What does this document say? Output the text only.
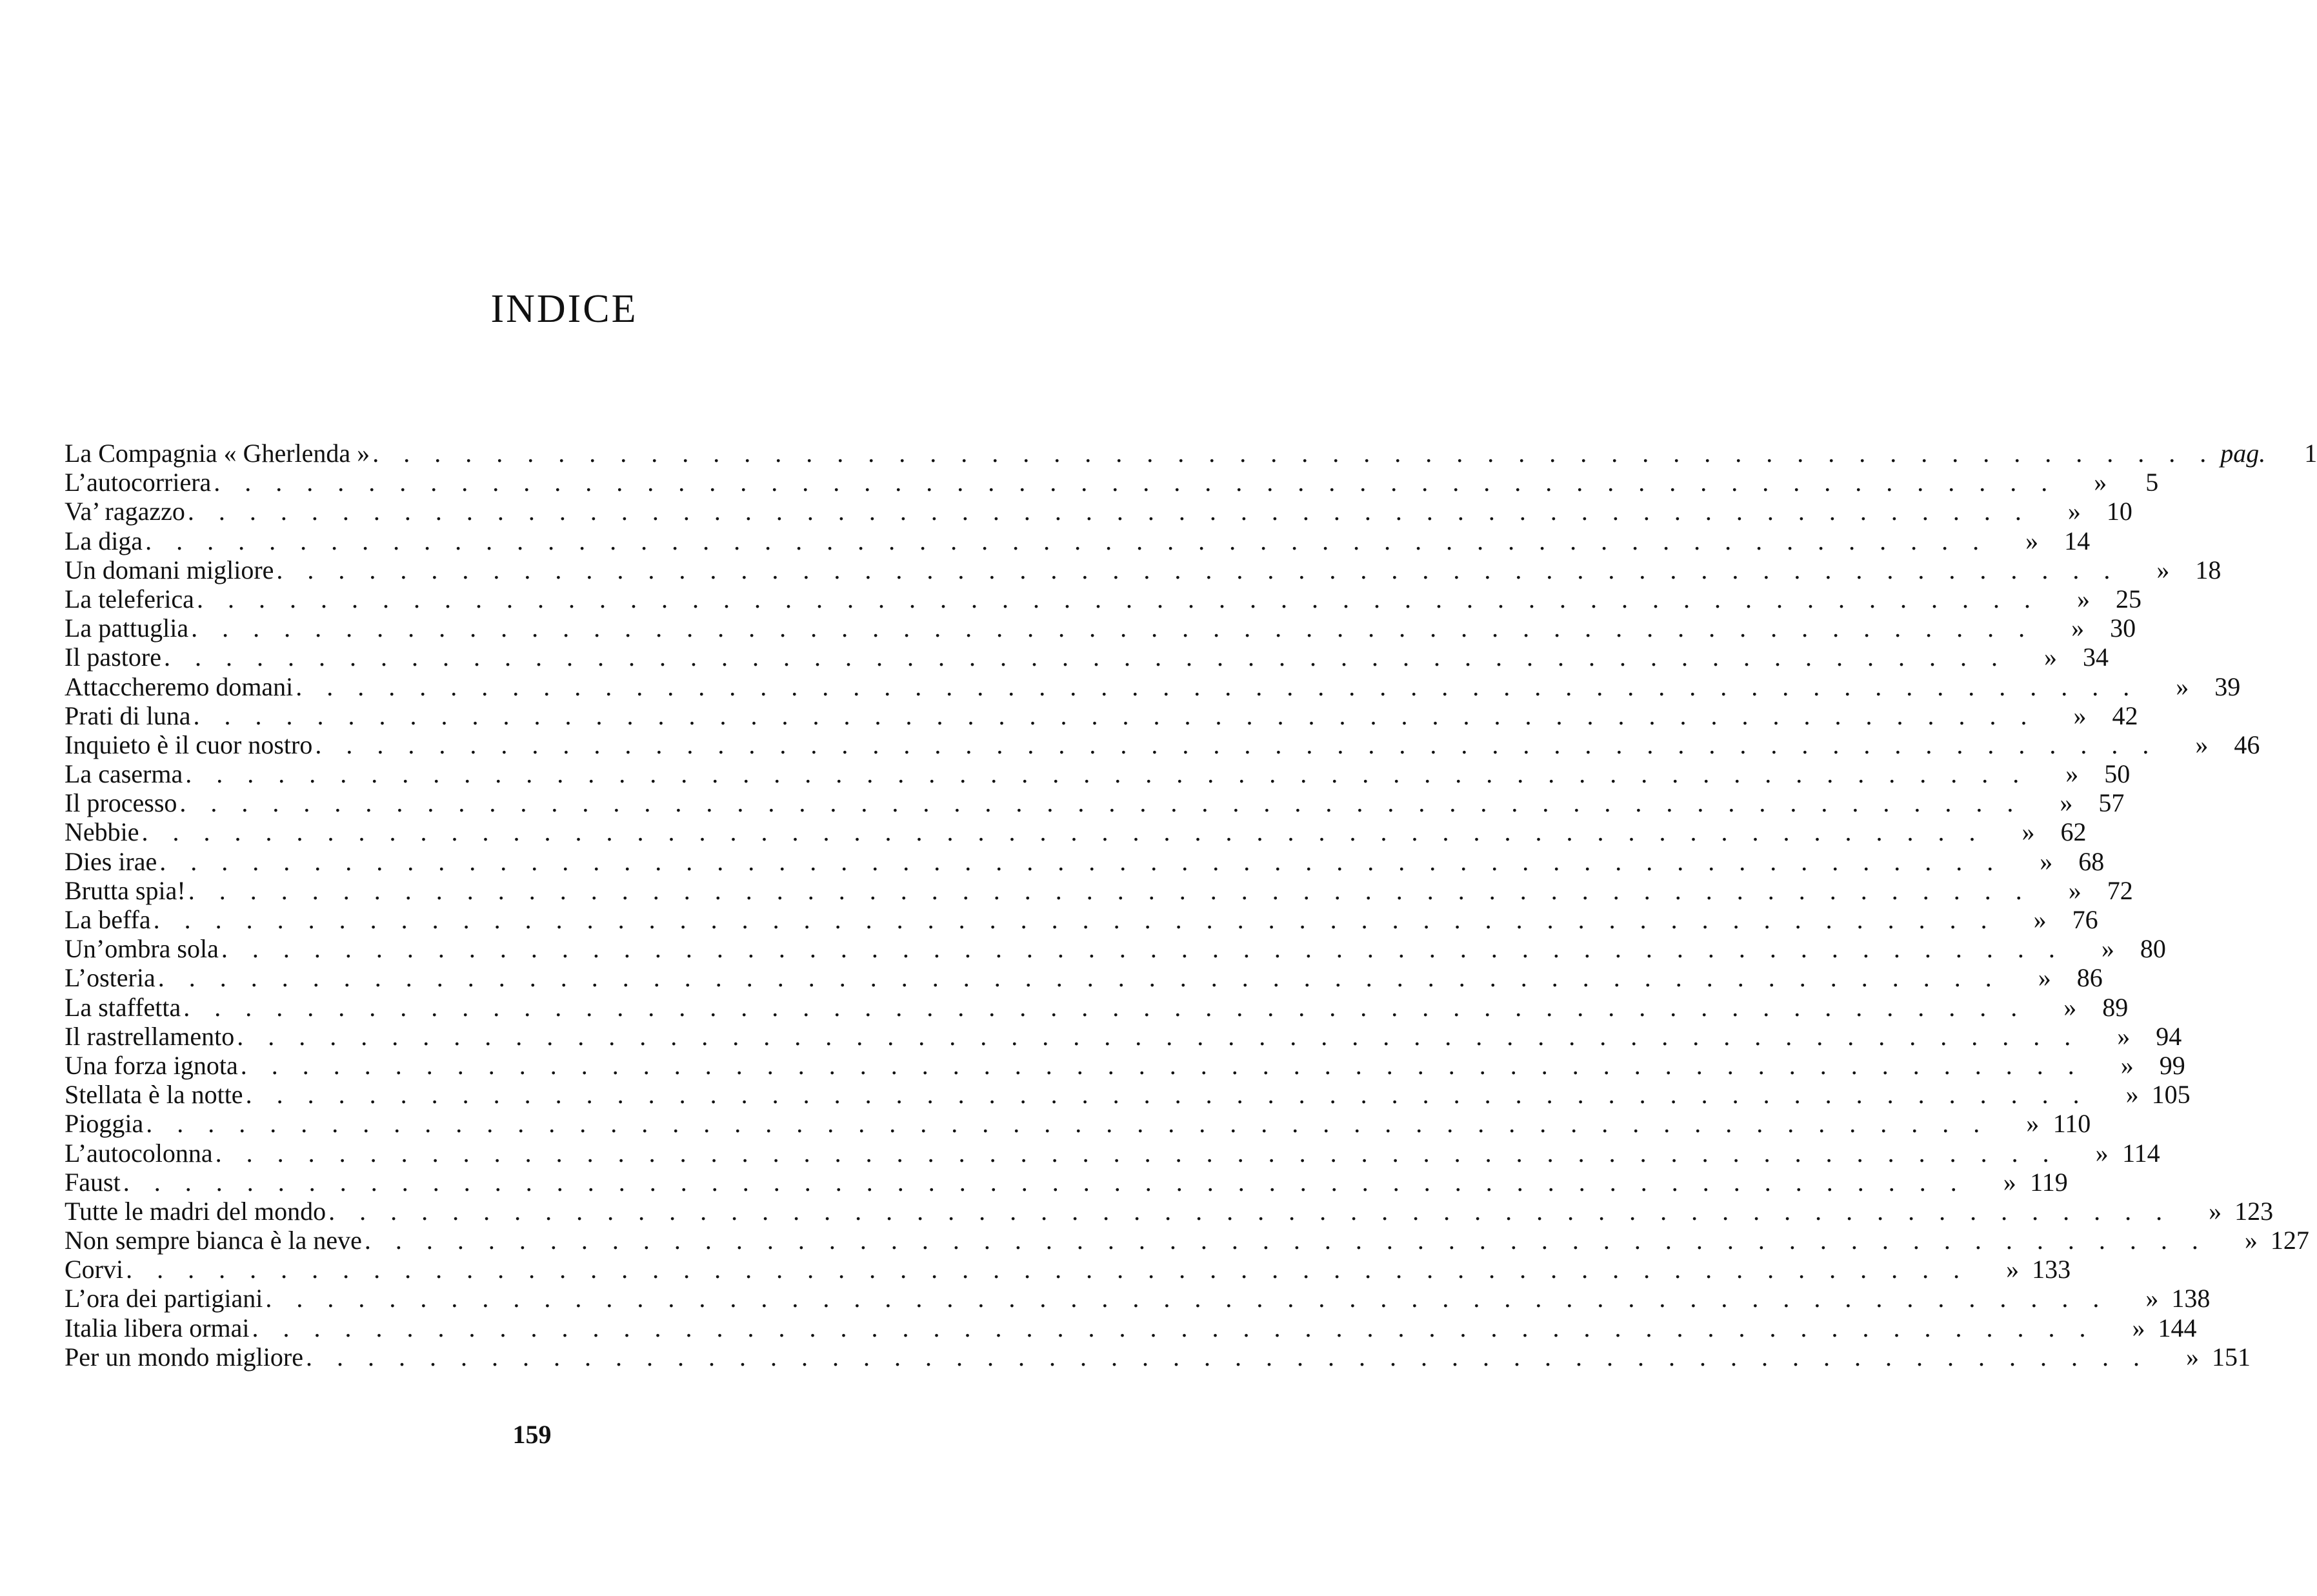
INDICE
La Compagnia « Gherlenda » . . . . . . . . . . . . . . . . . . . . . . . . . . . . . . . . . . . . . . . . . . . . . . . . . . . . . . . . . . . . pag.	1
L’autocorriera . . . . . . . . . . . . . . . . . . . . . . . . . . . . . . . . . . . . . . . . . . . . . . . . . . . . . . . . . . . .	»	5
Va’ ragazzo . . . . . . . . . . . . . . . . . . . . . . . . . . . . . . . . . . . . . . . . . . . . . . . . . . . . . . . . . . . .	»	10
La diga . . . . . . . . . . . . . . . . . . . . . . . . . . . . . . . . . . . . . . . . . . . . . . . . . . . . . . . . . . . .	»	14
Un domani migliore . . . . . . . . . . . . . . . . . . . . . . . . . . . . . . . . . . . . . . . . . . . . . . . . . . . . . . . . . . . .	»	18
La teleferica . . . . . . . . . . . . . . . . . . . . . . . . . . . . . . . . . . . . . . . . . . . . . . . . . . . . . . . . . . . .	»	25
La pattuglia . . . . . . . . . . . . . . . . . . . . . . . . . . . . . . . . . . . . . . . . . . . . . . . . . . . . . . . . . . . .	»	30
Il pastore . . . . . . . . . . . . . . . . . . . . . . . . . . . . . . . . . . . . . . . . . . . . . . . . . . . . . . . . . . . .	»	34
Attaccheremo domani . . . . . . . . . . . . . . . . . . . . . . . . . . . . . . . . . . . . . . . . . . . . . . . . . . . . . . . . . . . .	»	39
Prati di luna . . . . . . . . . . . . . . . . . . . . . . . . . . . . . . . . . . . . . . . . . . . . . . . . . . . . . . . . . . . .	»	42
Inquieto è il cuor nostro . . . . . . . . . . . . . . . . . . . . . . . . . . . . . . . . . . . . . . . . . . . . . . . . . . . . . . . . . . . .	»	46
La caserma . . . . . . . . . . . . . . . . . . . . . . . . . . . . . . . . . . . . . . . . . . . . . . . . . . . . . . . . . . . .	»	50
Il processo . . . . . . . . . . . . . . . . . . . . . . . . . . . . . . . . . . . . . . . . . . . . . . . . . . . . . . . . . . . .	»	57
Nebbie . . . . . . . . . . . . . . . . . . . . . . . . . . . . . . . . . . . . . . . . . . . . . . . . . . . . . . . . . . . .	»	62
Dies irae . . . . . . . . . . . . . . . . . . . . . . . . . . . . . . . . . . . . . . . . . . . . . . . . . . . . . . . . . . . .	»	68
Brutta spia! . . . . . . . . . . . . . . . . . . . . . . . . . . . . . . . . . . . . . . . . . . . . . . . . . . . . . . . . . . . .	»	72
La beffa . . . . . . . . . . . . . . . . . . . . . . . . . . . . . . . . . . . . . . . . . . . . . . . . . . . . . . . . . . . .	»	76
Un’ombra sola . . . . . . . . . . . . . . . . . . . . . . . . . . . . . . . . . . . . . . . . . . . . . . . . . . . . . . . . . . . .	»	80
L’osteria . . . . . . . . . . . . . . . . . . . . . . . . . . . . . . . . . . . . . . . . . . . . . . . . . . . . . . . . . . . .	»	86
La staffetta . . . . . . . . . . . . . . . . . . . . . . . . . . . . . . . . . . . . . . . . . . . . . . . . . . . . . . . . . . . .	»	89
Il rastrellamento . . . . . . . . . . . . . . . . . . . . . . . . . . . . . . . . . . . . . . . . . . . . . . . . . . . . . . . . . . . .	»	94
Una forza ignota . . . . . . . . . . . . . . . . . . . . . . . . . . . . . . . . . . . . . . . . . . . . . . . . . . . . . . . . . . . .	»	99
Stellata è la notte . . . . . . . . . . . . . . . . . . . . . . . . . . . . . . . . . . . . . . . . . . . . . . . . . . . . . . . . . . . .	» 105
Pioggia . . . . . . . . . . . . . . . . . . . . . . . . . . . . . . . . . . . . . . . . . . . . . . . . . . . . . . . . . . . .	» 110
L’autocolonna . . . . . . . . . . . . . . . . . . . . . . . . . . . . . . . . . . . . . . . . . . . . . . . . . . . . . . . . . . . .	» 114
Faust . . . . . . . . . . . . . . . . . . . . . . . . . . . . . . . . . . . . . . . . . . . . . . . . . . . . . . . . . . . .	» 119
Tutte le madri del mondo . . . . . . . . . . . . . . . . . . . . . . . . . . . . . . . . . . . . . . . . . . . . . . . . . . . . . . . . . . . .	» 123
Non sempre bianca è la neve . . . . . . . . . . . . . . . . . . . . . . . . . . . . . . . . . . . . . . . . . . . . . . . . . . . . . . . . . . . .	» 127
Corvi . . . . . . . . . . . . . . . . . . . . . . . . . . . . . . . . . . . . . . . . . . . . . . . . . . . . . . . . . . . .	» 133
L’ora dei partigiani . . . . . . . . . . . . . . . . . . . . . . . . . . . . . . . . . . . . . . . . . . . . . . . . . . . . . . . . . . . .	» 138
Italia libera ormai . . . . . . . . . . . . . . . . . . . . . . . . . . . . . . . . . . . . . . . . . . . . . . . . . . . . . . . . . . . .	» 144
Per un mondo migliore . . . . . . . . . . . . . . . . . . . . . . . . . . . . . . . . . . . . . . . . . . . . . . . . . . . . . . . . . . . .	» 151
159
